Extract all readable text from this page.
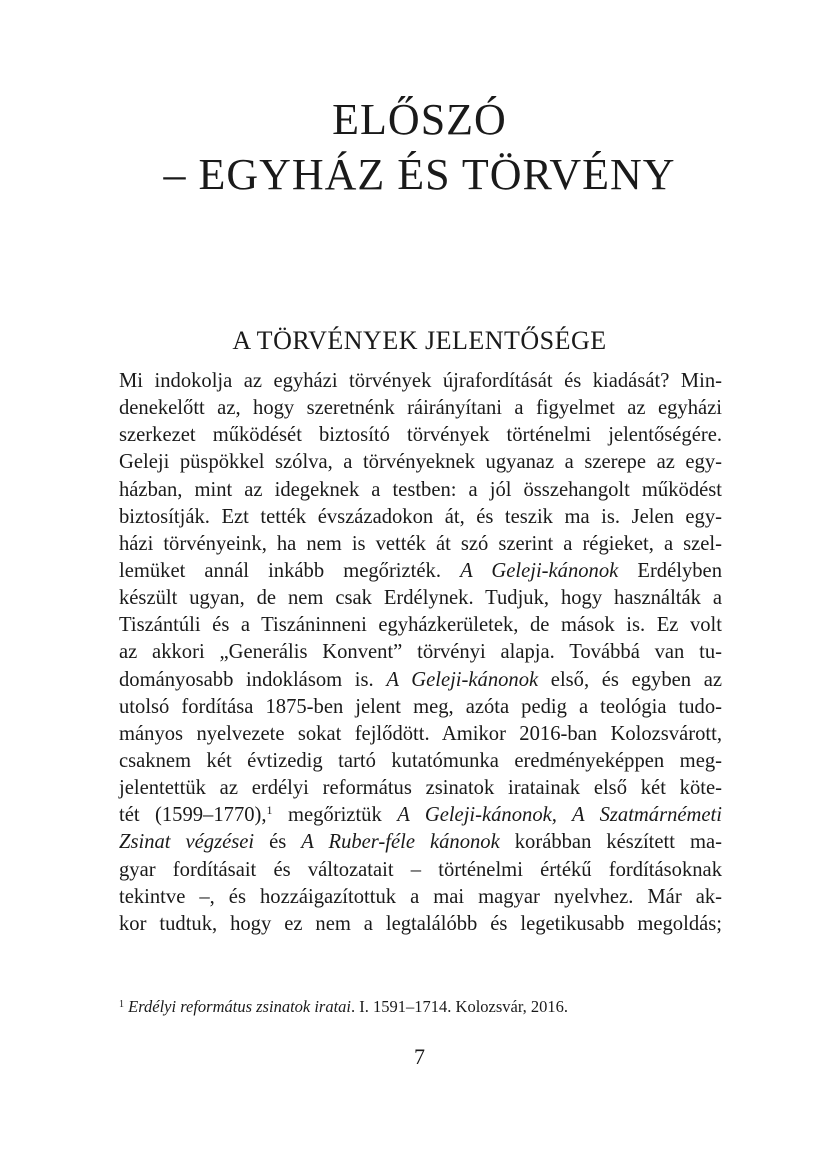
ELŐSZÓ
– EGYHÁZ ÉS TÖRVÉNY
A TÖRVÉNYEK JELENTŐSÉGE
Mi indokolja az egyházi törvények újrafordítását és kiadását? Min-
denekelőtt az, hogy szeretnénk ráirányítani a figyelmet az egyházi
szerkezet működését biztosító törvények történelmi jelentőségére.
Geleji püspökkel szólva, a törvényeknek ugyanaz a szerepe az egy-
házban, mint az idegeknek a testben: a jól összehangolt működést
biztosítják. Ezt tették évszázadokon át, és teszik ma is. Jelen egy-
házi törvényeink, ha nem is vették át szó szerint a régieket, a szel-
lemüket annál inkább megőrizték. A Geleji-kánonok Erdélyben
készült ugyan, de nem csak Erdélynek. Tudjuk, hogy használták a
Tiszántúli és a Tiszáninneni egyházkerületek, de mások is. Ez volt
az akkori „Generális Konvent” törvényi alapja. Továbbá van tu-
dományosabb indoklásom is. A Geleji-kánonok első, és egyben az
utolsó fordítása 1875-ben jelent meg, azóta pedig a teológia tudo-
mányos nyelvezete sokat fejlődött. Amikor 2016-ban Kolozsvárott,
csaknem két évtizedig tartó kutatómunka eredményeképpen meg-
jelentettük az erdélyi református zsinatok iratainak első két kötе-
tét (1599–1770),$^1$ megőriztük A Geleji-kánonok, A Szatmárnémeti
Zsinat végzései és A Ruber-féle kánonok korábban készített ma-
gyar fordításait és változatait – történelmi értékű fordításoknak
tekintve –, és hozzáigazítottuk a mai magyar nyelvhez. Már ak-
kor tudtuk, hogy ez nem a legtalálóbb és legetikusabb megoldás;

$^1$ Erdélyi református zsinatok iratai. I. 1591–1714. Kolozsvár, 2016.

7
